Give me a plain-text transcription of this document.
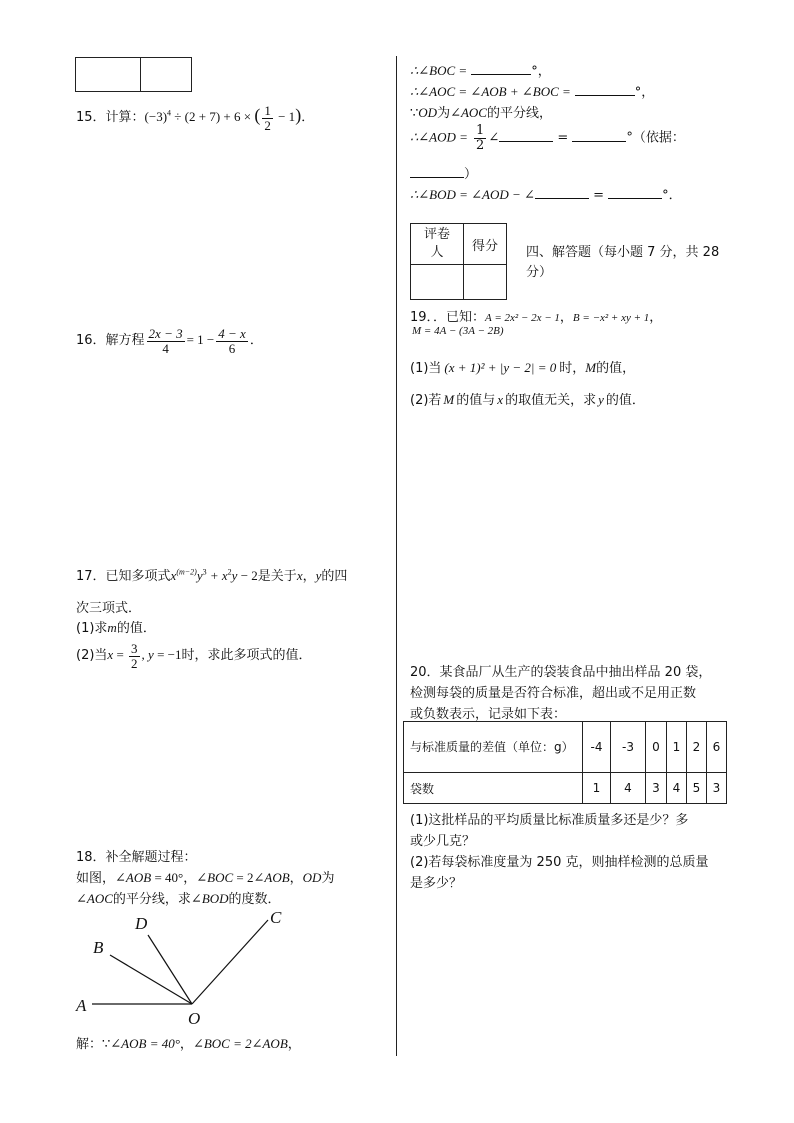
15．计算：$(-3)^4 \div (2 + 7) + 6$ × ( $\frac{1}{2} - 1$)．
16．解方程 $\frac{2x - 3}{4} = 1 - \frac{4 - x}{6}$ ．
17．已知多项式$x^{(m-2)}y^3 + x^2y - 2$是关于x，y的四
次三项式．
(1)求m的值．
(2)当$x = \frac{3}{2}$ , y = −1时，求此多项式的值．
18．补全解题过程：
如图，∠AOB = 40°，∠BOC = 2∠AOB，OD为
∠AOC的平分线，求∠BOD的度数．
A
B
D	C
O
解：∵∠AOB = 40°，∠BOC = 2∠AOB，
∴∠BOC =	°，
∴∠AOC = ∠AOB + ∠BOC =	°，
∵OD为∠AOC的平分线，
∴∠AOD = $\frac{1}{2}$ ∠	=	°（依据：
）
∴∠BOD = ∠AOD − ∠	=	°．
评卷
人	得分
	四、解答题（每小题 7 分，共 28 分）
19．．已知：A = 2x² − 2x − 1，B = −x² + xy + 1，
M = 4A − (3A − 2B)
(1)当 (x + 1)² + |y − 2| = 0 时，M的值，
(2)若 M 的值与 x 的取值无关，求 y 的值．
20．某食品厂从生产的袋装食品中抽出样品 20 袋，
检测每袋的质量是否符合标准，超出或不足用正数
或负数表示，记录如下表：
与标准质量的差值（单位：g）	-4	-3	0	1	2	6
袋数	1	4	3	4	5	3
(1)这批样品的平均质量比标准质量多还是少？多
或少几克？
(2)若每袋标准度量为 250 克，则抽样检测的总质量
是多少？
